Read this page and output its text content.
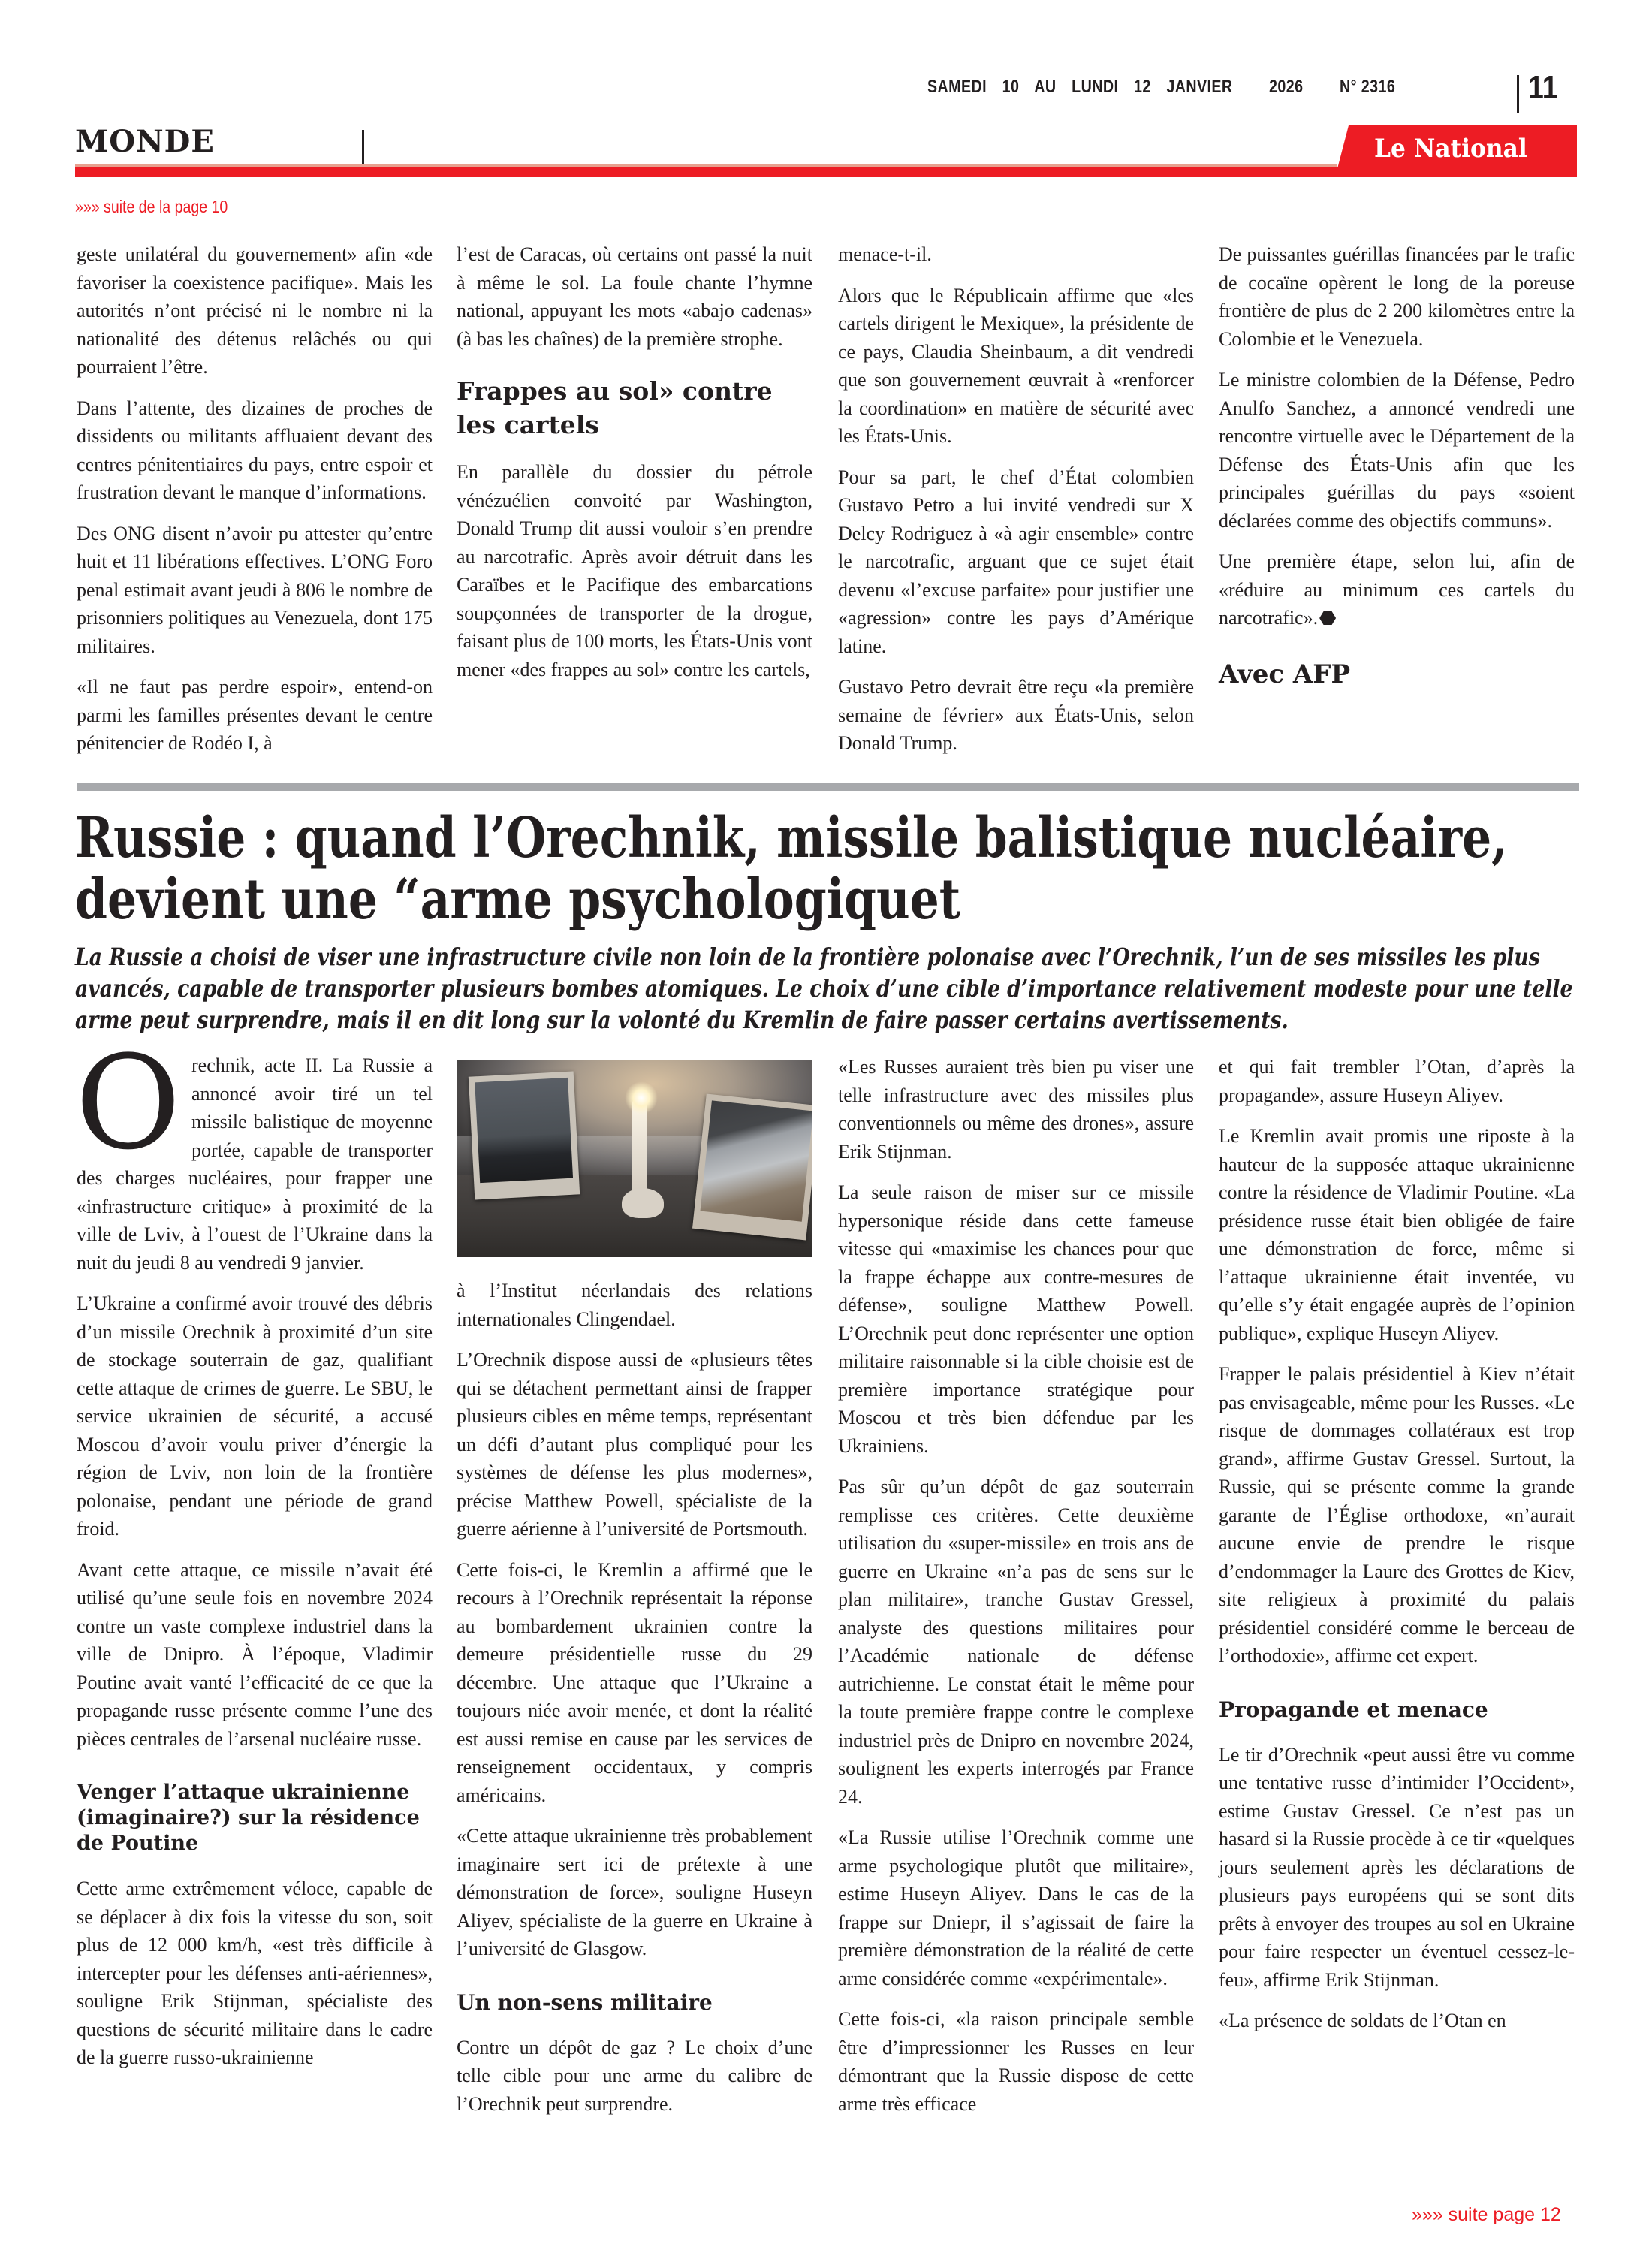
SAMEDI 10 AU LUNDI 12 JANVIER 2026 N° 2316	11
MONDE	Le National
»»» suite de la page 10

geste unilatéral du gouvernement» afin «de favoriser la coexistence pacifique». Mais les autorités n’ont précisé ni le nombre ni la nationalité des détenus relâchés ou qui pourraient l’être.

Dans l’attente, des dizaines de proches de dissidents ou militants affluaient devant des centres pénitentiaires du pays, entre espoir et frustration devant le manque d’informations.

Des ONG disent n’avoir pu attester qu’entre huit et 11 libérations effectives. L’ONG Foro penal estimait avant jeudi à 806 le nombre de prisonniers politiques au Venezuela, dont 175 militaires.

«Il ne faut pas perdre espoir», entend-on parmi les familles présentes devant le centre pénitencier de Rodéo I, à

l’est de Caracas, où certains ont passé la nuit à même le sol. La foule chante l’hymne national, appuyant les mots «abajo cadenas» (à bas les chaînes) de la première strophe.

Frappes au sol» contre les cartels

En parallèle du dossier du pétrole vénézuélien convoité par Washington, Donald Trump dit aussi vouloir s’en prendre au narcotrafic. Après avoir détruit dans les Caraïbes et le Pacifique des embarcations soupçonnées de transporter de la drogue, faisant plus de 100 morts, les États-Unis vont mener «des frappes au sol» contre les cartels,

menace-t-il.

Alors que le Républicain affirme que «les cartels dirigent le Mexique», la présidente de ce pays, Claudia Sheinbaum, a dit vendredi que son gouvernement œuvrait à «renforcer la coordination» en matière de sécurité avec les États-Unis.

Pour sa part, le chef d’État colombien Gustavo Petro a lui invité vendredi sur X Delcy Rodriguez à «à agir ensemble» contre le narcotrafic, arguant que ce sujet était devenu «l’excuse parfaite» pour justifier une «agression» contre les pays d’Amérique latine.

Gustavo Petro devrait être reçu «la première semaine de février» aux États-Unis, selon Donald Trump.

De puissantes guérillas financées par le trafic de cocaïne opèrent le long de la poreuse frontière de plus de 2 200 kilomètres entre la Colombie et le Venezuela.

Le ministre colombien de la Défense, Pedro Anulfo Sanchez, a annoncé vendredi une rencontre virtuelle avec le Département de la Défense des États-Unis afin que les principales guérillas du pays «soient déclarées comme des objectifs communs».

Une première étape, selon lui, afin de «réduire au minimum ces cartels du narcotrafic».

Avec AFP
Russie : quand l’Orechnik, missile balistique nucléaire,
devient une “arme psychologiquet
La Russie a choisi de viser une infrastructure civile non loin de la frontière polonaise avec l’Orechnik, l’un de ses missiles les plus avancés, capable de transporter plusieurs bombes atomiques. Le choix d’une cible d’importance relativement modeste pour une telle arme peut surprendre, mais il en dit long sur la volonté du Kremlin de faire passer certains avertissements.

Orechnik, acte II. La Russie a annoncé avoir tiré un tel missile balistique de moyenne portée, capable de transporter des charges nucléaires, pour frapper une «infrastructure critique» à proximité de la ville de Lviv, à l’ouest de l’Ukraine dans la nuit du jeudi 8 au vendredi 9 janvier.

L’Ukraine a confirmé avoir trouvé des débris d’un missile Orechnik à proximité d’un site de stockage souterrain de gaz, qualifiant cette attaque de crimes de guerre. Le SBU, le service ukrainien de sécurité, a accusé Moscou d’avoir voulu priver d’énergie la région de Lviv, non loin de la frontière polonaise, pendant une période de grand froid.

Avant cette attaque, ce missile n’avait été utilisé qu’une seule fois en novembre 2024 contre un vaste complexe industriel dans la ville de Dnipro. À l’époque, Vladimir Poutine avait vanté l’efficacité de ce que la propagande russe présente comme l’une des pièces centrales de l’arsenal nucléaire russe.

Venger l’attaque ukrainienne (imaginaire?) sur la résidence de Poutine

Cette arme extrêmement véloce, capable de se déplacer à dix fois la vitesse du son, soit plus de 12 000 km/h, «est très difficile à intercepter pour les défenses anti-aériennes», souligne Erik Stijnman, spécialiste des questions de sécurité militaire dans le cadre de la guerre russo-ukrainienne

à l’Institut néerlandais des relations internationales Clingendael.

L’Orechnik dispose aussi de «plusieurs têtes qui se détachent permettant ainsi de frapper plusieurs cibles en même temps, représentant un défi d’autant plus compliqué pour les systèmes de défense les plus modernes», précise Matthew Powell, spécialiste de la guerre aérienne à l’université de Portsmouth.

Cette fois-ci, le Kremlin a affirmé que le recours à l’Orechnik représentait la réponse au bombardement ukrainien contre la demeure présidentielle russe du 29 décembre. Une attaque que l’Ukraine a toujours niée avoir menée, et dont la réalité est aussi remise en cause par les services de renseignement occidentaux, y compris américains.

«Cette attaque ukrainienne très probablement imaginaire sert ici de prétexte à une démonstration de force», souligne Huseyn Aliyev, spécialiste de la guerre en Ukraine à l’université de Glasgow.

Un non-sens militaire

Contre un dépôt de gaz ? Le choix d’une telle cible pour une arme du calibre de l’Orechnik peut surprendre.

«Les Russes auraient très bien pu viser une telle infrastructure avec des missiles plus conventionnels ou même des drones», assure Erik Stijnman.

La seule raison de miser sur ce missile hypersonique réside dans cette fameuse vitesse qui «maximise les chances pour que la frappe échappe aux contre-mesures de défense», souligne Matthew Powell. L’Orechnik peut donc représenter une option militaire raisonnable si la cible choisie est de première importance stratégique pour Moscou et très bien défendue par les Ukrainiens.

Pas sûr qu’un dépôt de gaz souterrain remplisse ces critères. Cette deuxième utilisation du «super-missile» en trois ans de guerre en Ukraine «n’a pas de sens sur le plan militaire», tranche Gustav Gressel, analyste des questions militaires pour l’Académie nationale de défense autrichienne. Le constat était le même pour la toute première frappe contre le complexe industriel près de Dnipro en novembre 2024, soulignent les experts interrogés par France 24.

«La Russie utilise l’Orechnik comme une arme psychologique plutôt que militaire», estime Huseyn Aliyev. Dans le cas de la frappe sur Dniepr, il s’agissait de faire la première démonstration de la réalité de cette arme considérée comme «expérimentale».

Cette fois-ci, «la raison principale semble être d’impressionner les Russes en leur démontrant que la Russie dispose de cette arme très efficace

et qui fait trembler l’Otan, d’après la propagande», assure Huseyn Aliyev.

Le Kremlin avait promis une riposte à la hauteur de la supposée attaque ukrainienne contre la résidence de Vladimir Poutine. «La présidence russe était bien obligée de faire une démonstration de force, même si l’attaque ukrainienne était inventée, vu qu’elle s’y était engagée auprès de l’opinion publique», explique Huseyn Aliyev.

Frapper le palais présidentiel à Kiev n’était pas envisageable, même pour les Russes. «Le risque de dommages collatéraux est trop grand», affirme Gustav Gressel. Surtout, la Russie, qui se présente comme la grande garante de l’Église orthodoxe, «n’aurait aucune envie de prendre le risque d’endommager la Laure des Grottes de Kiev, site religieux à proximité du palais présidentiel considéré comme le berceau de l’orthodoxie», affirme cet expert.

Propagande et menace

Le tir d’Orechnik «peut aussi être vu comme une tentative russe d’intimider l’Occident», estime Gustav Gressel. Ce n’est pas un hasard si la Russie procède à ce tir «quelques jours seulement après les déclarations de plusieurs pays européens qui se sont dits prêts à envoyer des troupes au sol en Ukraine pour faire respecter un éventuel cessez-le-feu», affirme Erik Stijnman.

«La présence de soldats de l’Otan en

»»» suite page 12
